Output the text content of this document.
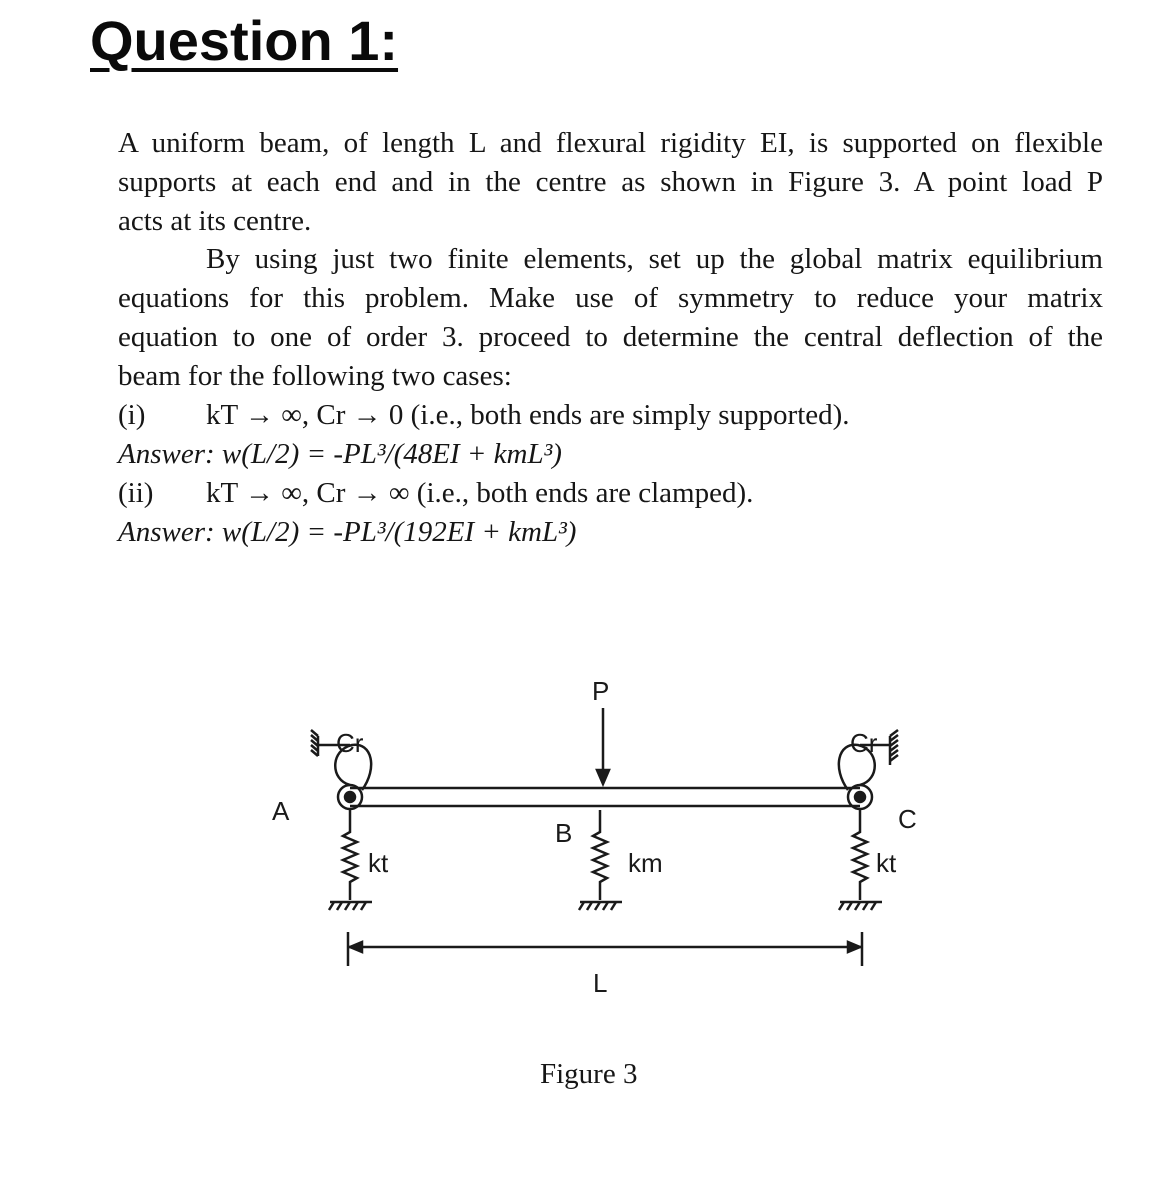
Question 1:
A uniform beam, of length L and flexural rigidity EI, is supported on flexible
supports at each end and in the centre as shown in Figure 3. A point load P
acts at its centre.
By using just two finite elements, set up the global matrix equilibrium
equations for this problem. Make use of symmetry to reduce your matrix
equation to one of order 3. proceed to determine the central deflection of the
beam for the following two cases:
(i) kT → ∞, Cr → 0 (i.e., both ends are simply supported).
Answer: w(L/2) = -PL³/(48EI + kmL³)
(ii) kT → ∞, Cr → ∞ (i.e., both ends are clamped).
Answer: w(L/2) = -PL³/(192EI + kmL³)
P
Cr	Cr
A
B	C
kt	km	kt
L
Figure 3
